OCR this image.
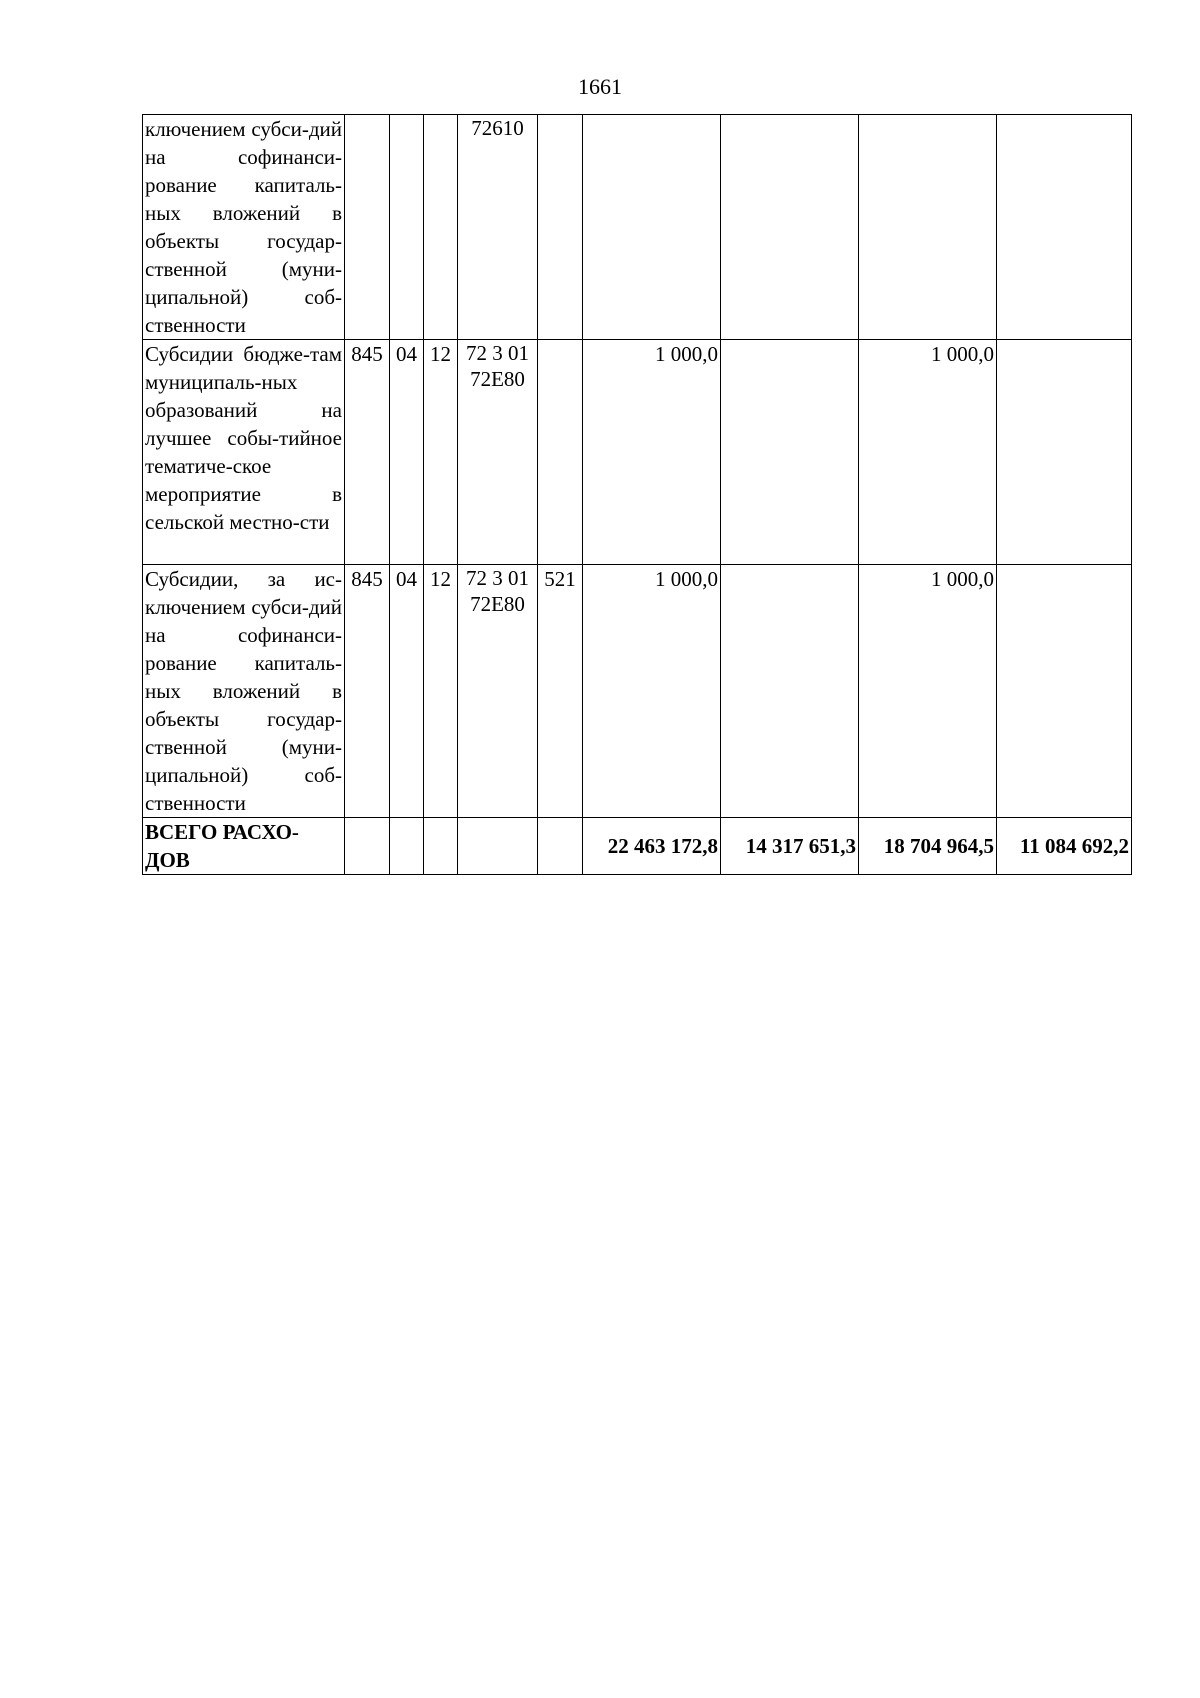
1661
ключением субси-дий на софинанси-рование капиталь-ных вложений в объекты государ-ственной (муни-ципальной) соб-ственности				72610					
Субсидии бюдже-там муниципаль-ных образований на лучшее собы-тийное тематиче-ское мероприятие в сельской местно-сти	845	04	12	72 3 01 72E80		1 000,0		1 000,0	
Субсидии, за ис-ключением субси-дий на софинанси-рование капиталь-ных вложений в объекты государ-ственной (муни-ципальной) соб-ственности	845	04	12	72 3 01 72E80	521	1 000,0		1 000,0	
ВСЕГО РАСХО-ДОВ						22 463 172,8	14 317 651,3	18 704 964,5	11 084 692,2
